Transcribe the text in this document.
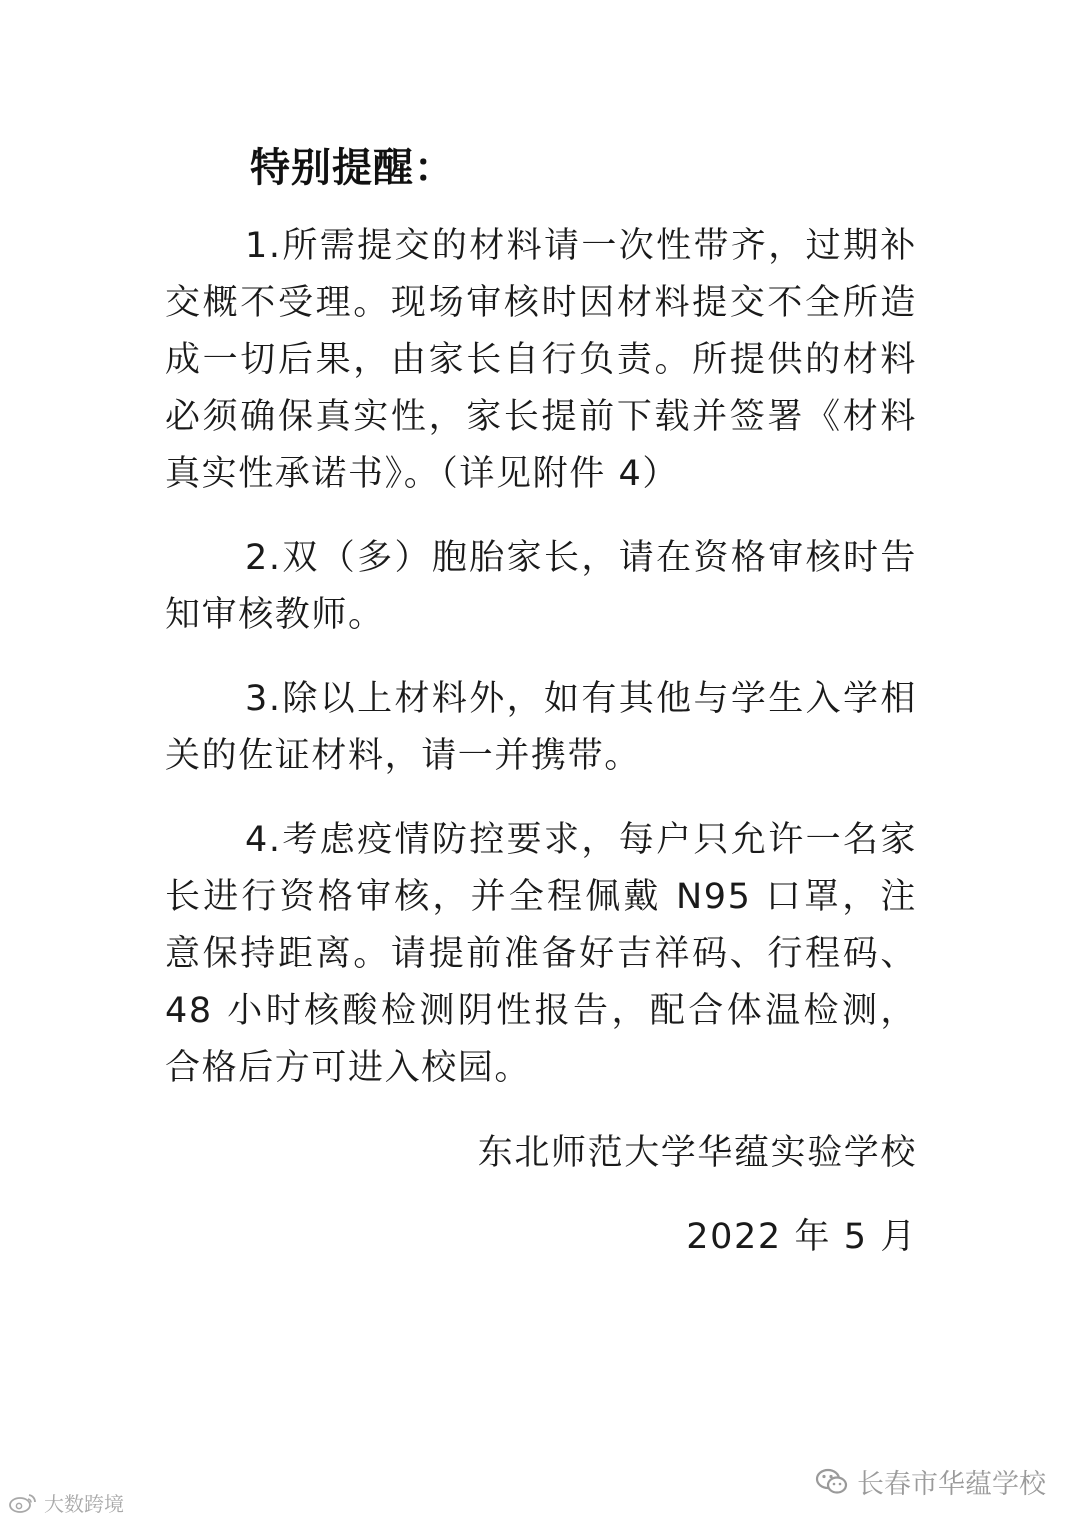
特别提醒：
1.所需提交的材料请一次性带齐，过期补交概不受理。现场审核时因材料提交不全所造成一切后果，由家长自行负责。所提供的材料必须确保真实性，家长提前下载并签署《材料真实性承诺书》。（详见附件 4）
2.双（多）胞胎家长，请在资格审核时告知审核教师。
3.除以上材料外，如有其他与学生入学相关的佐证材料，请一并携带。
4.考虑疫情防控要求，每户只允许一名家长进行资格审核，并全程佩戴 N95 口罩，注意保持距离。请提前准备好吉祥码、行程码、48 小时核酸检测阴性报告，配合体温检测，合格后方可进入校园。
东北师范大学华蕴实验学校
2022 年 5 月
长春市华蕴学校
大数跨境
